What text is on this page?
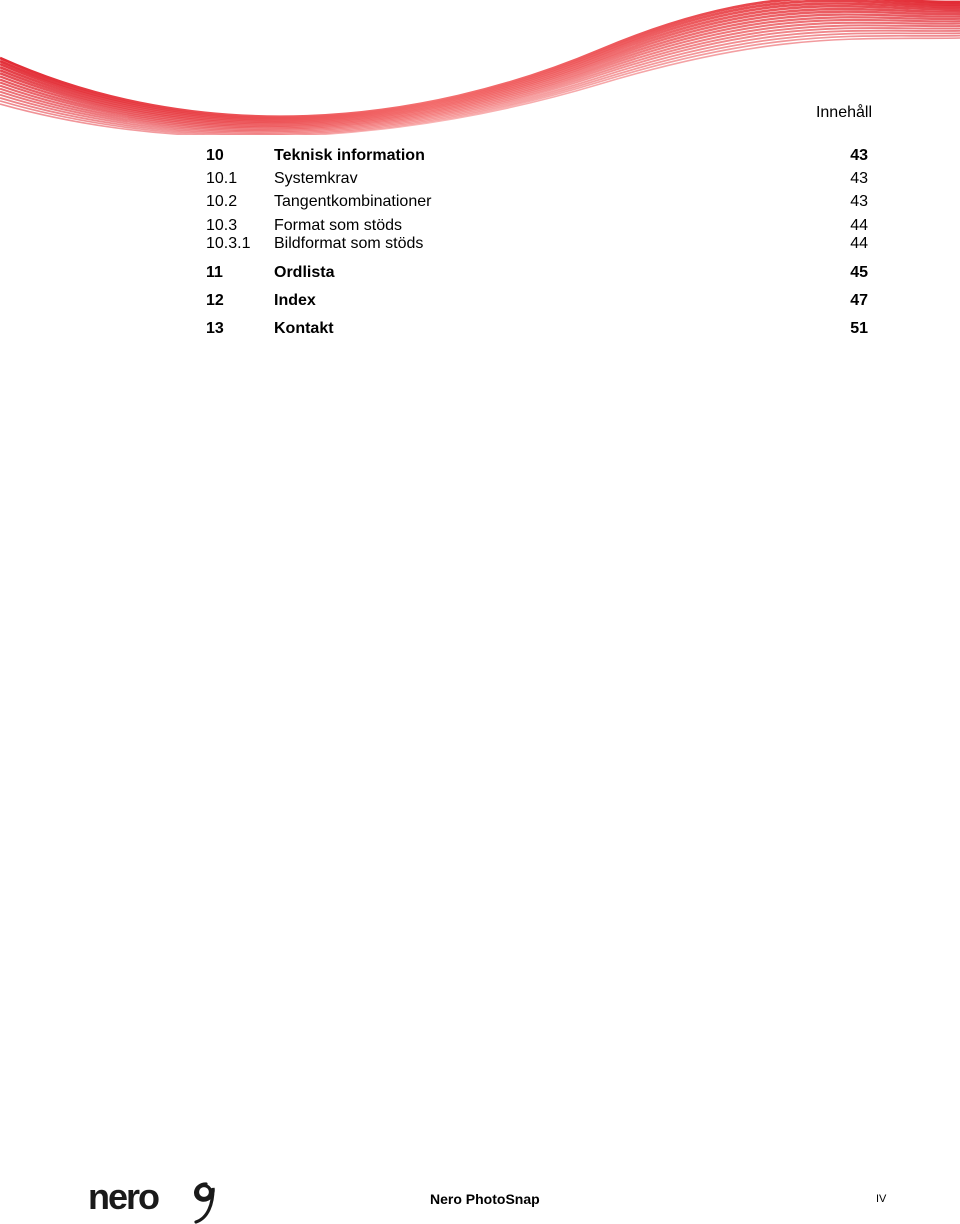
Innehåll
10	Teknisk information	43
10.1 Systemkrav	43
10.2 Tangentkombinationer	43
10.3 Format som stöds	44
10.3.1 Bildformat som stöds	44
11	Ordlista	45
12	Index	47
13	Kontakt	51
nero	Nero PhotoSnap	IV
